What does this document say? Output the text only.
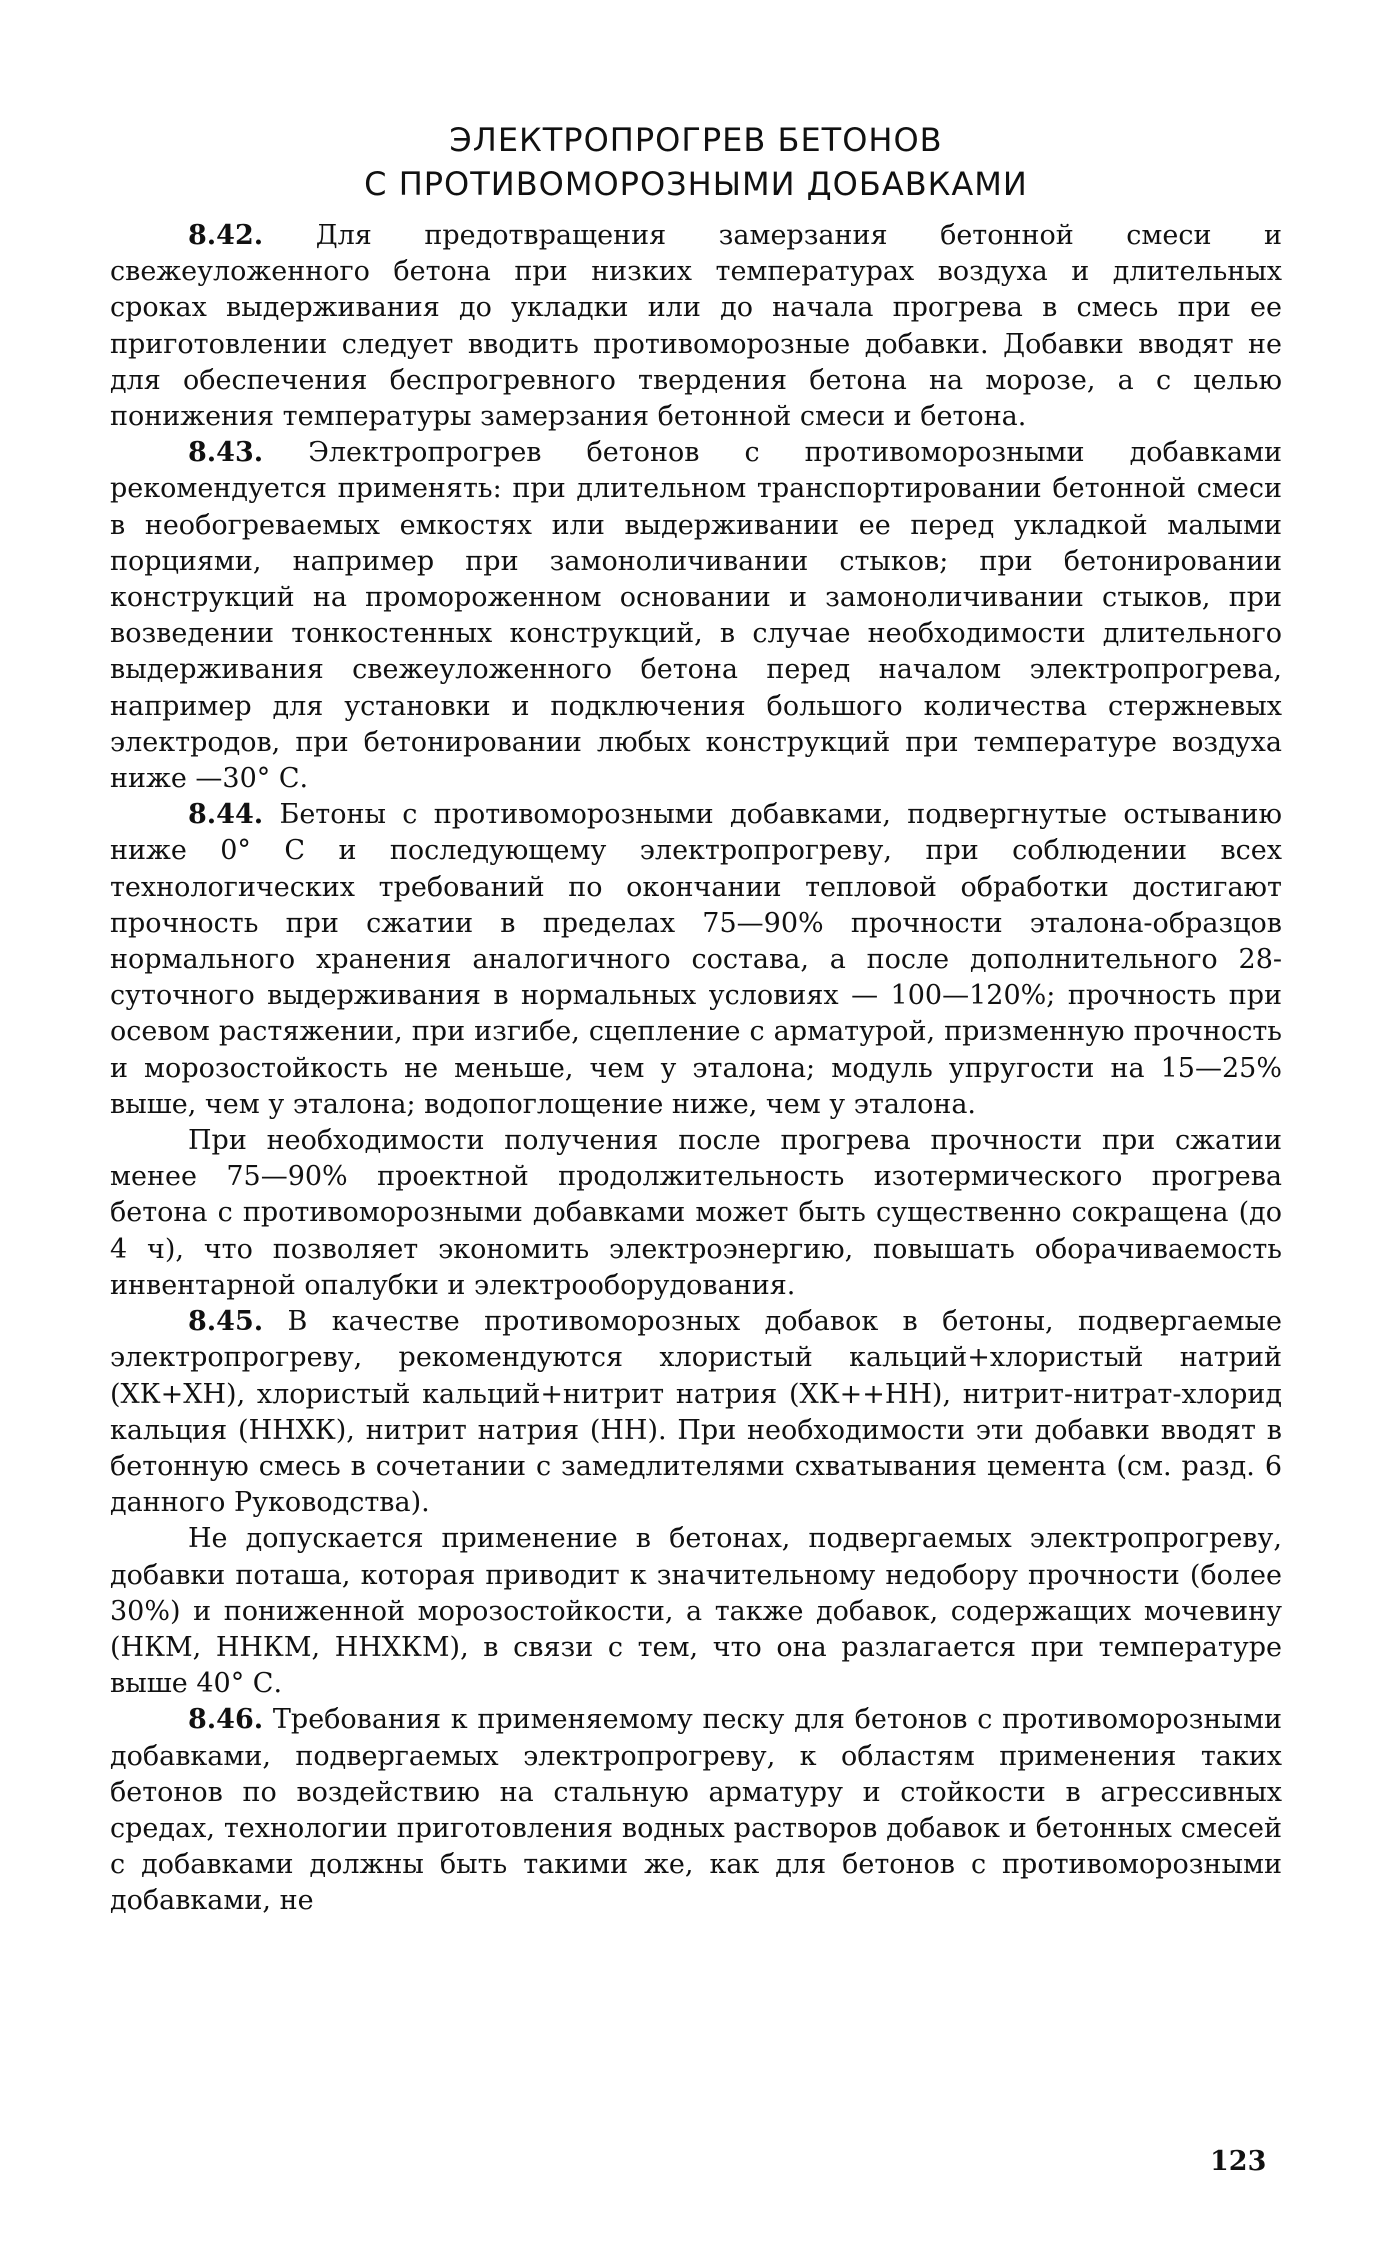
ЭЛЕКТРОПРОГРЕВ БЕТОНОВ
С ПРОТИВОМОРОЗНЫМИ ДОБАВКАМИ

8.42. Для предотвращения замерзания бетонной смеси и свежеуложенного бетона при низких температурах воздуха и длительных сроках выдерживания до укладки или до начала прогрева в смесь при ее приготовлении следует вводить противоморозные добавки. Добавки вводят не для обеспечения беспрогревного твердения бетона на морозе, а с целью понижения температуры замерзания бетонной смеси и бетона.

8.43. Электропрогрев бетонов с противоморозными добавками рекомендуется применять: при длительном транспортировании бетонной смеси в необогреваемых емкостях или выдерживании ее перед укладкой малыми порциями, например при замоноличивании стыков; при бетонировании конструкций на промороженном основании и замоноличивании стыков, при возведении тонкостенных конструкций, в случае необходимости длительного выдерживания свежеуложенного бетона перед началом электропрогрева, например для установки и подключения большого количества стержневых электродов, при бетонировании любых конструкций при температуре воздуха ниже —30° С.

8.44. Бетоны с противоморозными добавками, подвергнутые остыванию ниже 0° С и последующему электропрогреву, при соблюдении всех технологических требований по окончании тепловой обработки достигают прочность при сжатии в пределах 75—90% прочности эталона-образцов нормального хранения аналогичного состава, а после дополнительного 28-суточного выдерживания в нормальных условиях — 100—120%; прочность при осевом растяжении, при изгибе, сцепление с арматурой, призменную прочность и морозостойкость не меньше, чем у эталона; модуль упругости на 15—25% выше, чем у эталона; водопоглощение ниже, чем у эталона.

При необходимости получения после прогрева прочности при сжатии менее 75—90% проектной продолжительность изотермического прогрева бетона с противоморозными добавками может быть существенно сокращена (до 4 ч), что позволяет экономить электроэнергию, повышать оборачиваемость инвентарной опалубки и электрооборудования.

8.45. В качестве противоморозных добавок в бетоны, подвергаемые электропрогреву, рекомендуются хлористый кальций+хлористый натрий (ХК+ХН), хлористый кальций+нитрит натрия (ХК++НН), нитрит-нитрат-хлорид кальция (ННХК), нитрит натрия (НН). При необходимости эти добавки вводят в бетонную смесь в сочетании с замедлителями схватывания цемента (см. разд. 6 данного Руководства).

Не допускается применение в бетонах, подвергаемых электропрогреву, добавки поташа, которая приводит к значительному недобору прочности (более 30%) и пониженной морозостойкости, а также добавок, содержащих мочевину (НКМ, ННКМ, ННХКМ), в связи с тем, что она разлагается при температуре выше 40° С.

8.46. Требования к применяемому песку для бетонов с противоморозными добавками, подвергаемых электропрогреву, к областям применения таких бетонов по воздействию на стальную арматуру и стойкости в агрессивных средах, технологии приготовления водных растворов добавок и бетонных смесей с добавками должны быть такими же, как для бетонов с противоморозными добавками, не

123
